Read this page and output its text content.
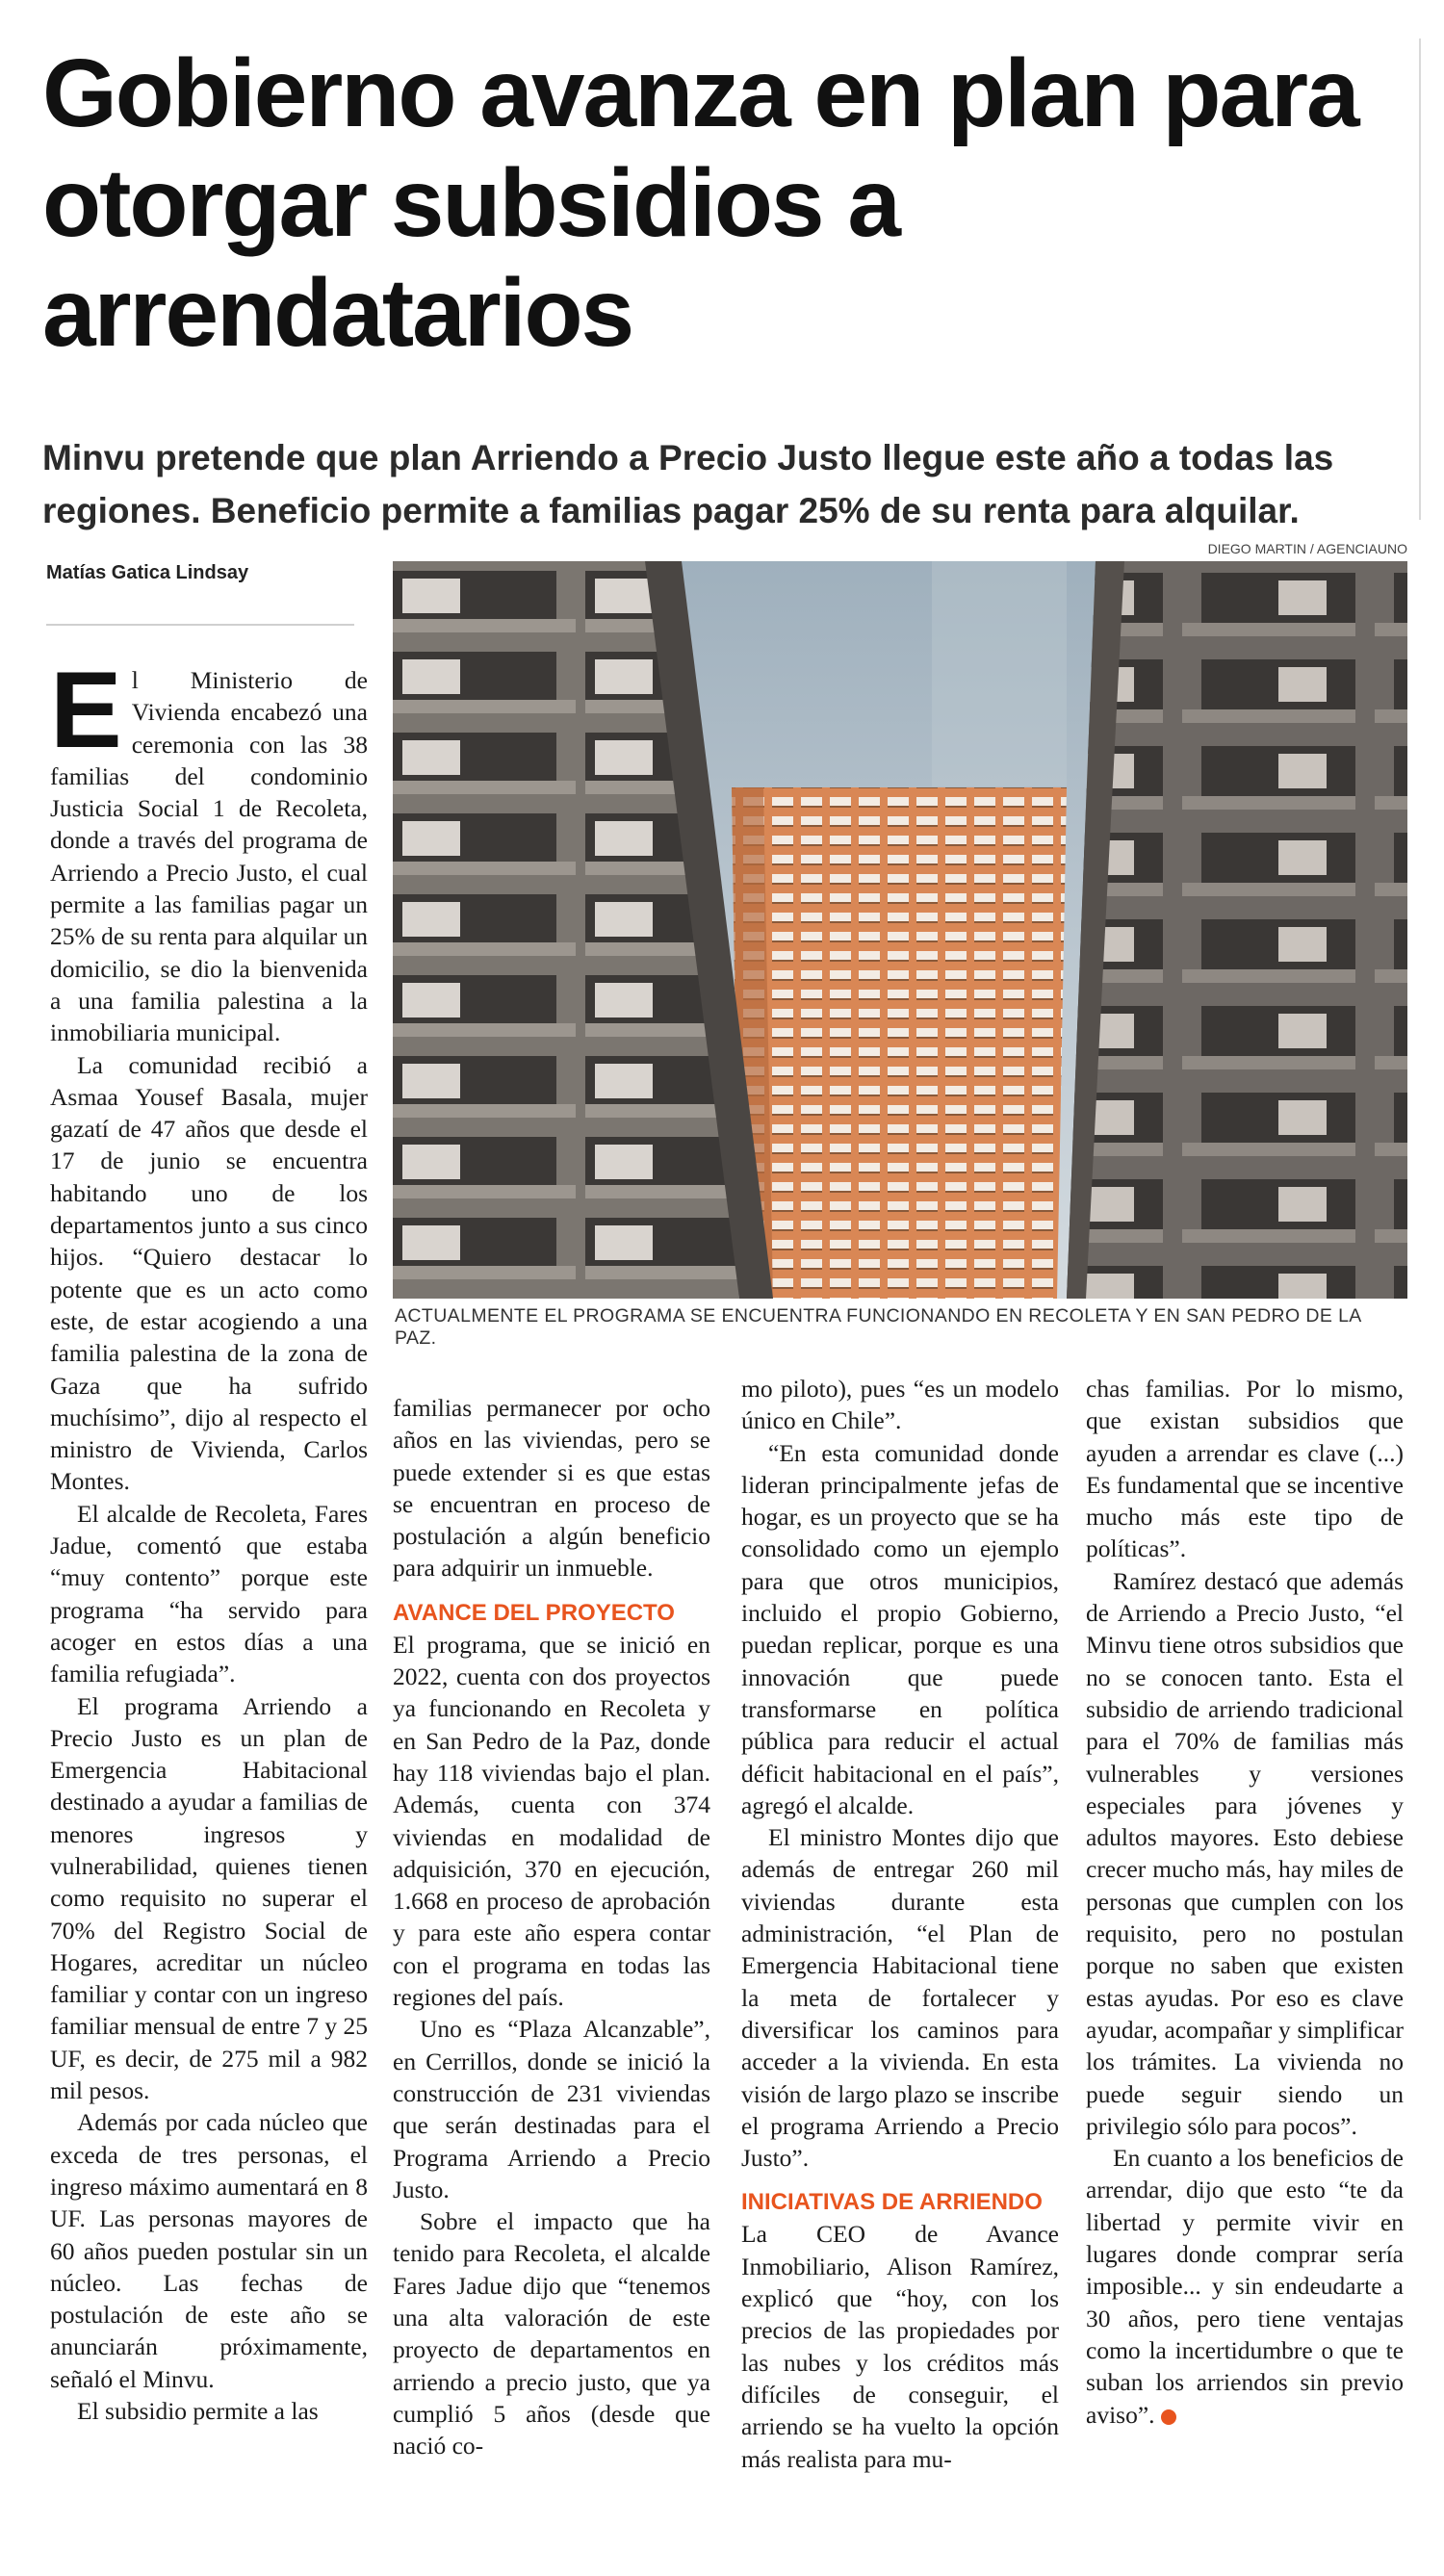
Gobierno avanza en plan para otorgar subsidios a arrendatarios

Minvu pretende que plan Arriendo a Precio Justo llegue este año a todas las regiones. Beneficio permite a familias pagar 25% de su renta para alquilar.

DIEGO MARTIN / AGENCIAUNO
Matías Gatica Lindsay
ACTUALMENTE EL PROGRAMA SE ENCUENTRA FUNCIONANDO EN RECOLETA Y EN SAN PEDRO DE LA PAZ.

El Ministerio de Vivienda encabezó una ceremonia con las 38 familias del condominio Justicia Social 1 de Recoleta, donde a través del programa de Arriendo a Precio Justo, el cual permite a las familias pagar un 25% de su renta para alquilar un domicilio, se dio la bienvenida a una familia palestina a la inmobiliaria municipal.

La comunidad recibió a Asmaa Yousef Basala, mujer gazatí de 47 años que desde el 17 de junio se encuentra habitando uno de los departamentos junto a sus cinco hijos. “Quiero destacar lo potente que es un acto como este, de estar acogiendo a una familia palestina de la zona de Gaza que ha sufrido muchísimo”, dijo al respecto el ministro de Vivienda, Carlos Montes.

El alcalde de Recoleta, Fares Jadue, comentó que estaba “muy contento” porque este programa “ha servido para acoger en estos días a una familia refugiada”.

El programa Arriendo a Precio Justo es un plan de Emergencia Habitacional destinado a ayudar a familias de menores ingresos y vulnerabilidad, quienes tienen como requisito no superar el 70% del Registro Social de Hogares, acreditar un núcleo familiar y contar con un ingreso familiar mensual de entre 7 y 25 UF, es decir, de 275 mil a 982 mil pesos.

Además por cada núcleo que exceda de tres personas, el ingreso máximo aumentará en 8 UF. Las personas mayores de 60 años pueden postular sin un núcleo. Las fechas de postulación de este año se anunciarán próximamente, señaló el Minvu.

El subsidio permite a las

familias permanecer por ocho años en las viviendas, pero se puede extender si es que estas se encuentran en proceso de postulación a algún beneficio para adquirir un inmueble.

AVANCE DEL PROYECTO

El programa, que se inició en 2022, cuenta con dos proyectos ya funcionando en Recoleta y en San Pedro de la Paz, donde hay 118 viviendas bajo el plan. Además, cuenta con 374 viviendas en modalidad de adquisición, 370 en ejecución, 1.668 en proceso de aprobación y para este año espera contar con el programa en todas las regiones del país.

Uno es “Plaza Alcanzable”, en Cerrillos, donde se inició la construcción de 231 viviendas que serán destinadas para el Programa Arriendo a Precio Justo.

Sobre el impacto que ha tenido para Recoleta, el alcalde Fares Jadue dijo que “tenemos una alta valoración de este proyecto de departamentos en arriendo a precio justo, que ya cumplió 5 años (desde que nació co-

mo piloto), pues “es un modelo único en Chile”.

“En esta comunidad donde lideran principalmente jefas de hogar, es un proyecto que se ha consolidado como un ejemplo para que otros municipios, incluido el propio Gobierno, puedan replicar, porque es una innovación que puede transformarse en política pública para reducir el actual déficit habitacional en el país”, agregó el alcalde.

El ministro Montes dijo que además de entregar 260 mil viviendas durante esta administración, “el Plan de Emergencia Habitacional tiene la meta de fortalecer y diversificar los caminos para acceder a la vivienda. En esta visión de largo plazo se inscribe el programa Arriendo a Precio Justo”.

INICIATIVAS DE ARRIENDO

La CEO de Avance Inmobiliario, Alison Ramírez, explicó que “hoy, con los precios de las propiedades por las nubes y los créditos más difíciles de conseguir, el arriendo se ha vuelto la opción más realista para mu-

chas familias. Por lo mismo, que existan subsidios que ayuden a arrendar es clave (...) Es fundamental que se incentive mucho más este tipo de políticas”.

Ramírez destacó que además de Arriendo a Precio Justo, “el Minvu tiene otros subsidios que no se conocen tanto. Esta el subsidio de arriendo tradicional para el 70% de familias más vulnerables y versiones especiales para jóvenes y adultos mayores. Esto debiese crecer mucho más, hay miles de personas que cumplen con los requisito, pero no postulan porque no saben que existen estas ayudas. Por eso es clave ayudar, acompañar y simplificar los trámites. La vivienda no puede seguir siendo un privilegio sólo para pocos”.

En cuanto a los beneficios de arrendar, dijo que esto “te da libertad y permite vivir en lugares donde comprar sería imposible... y sin endeudarte a 30 años, pero tiene ventajas como la incertidumbre o que te suban los arriendos sin previo aviso”.	✪
